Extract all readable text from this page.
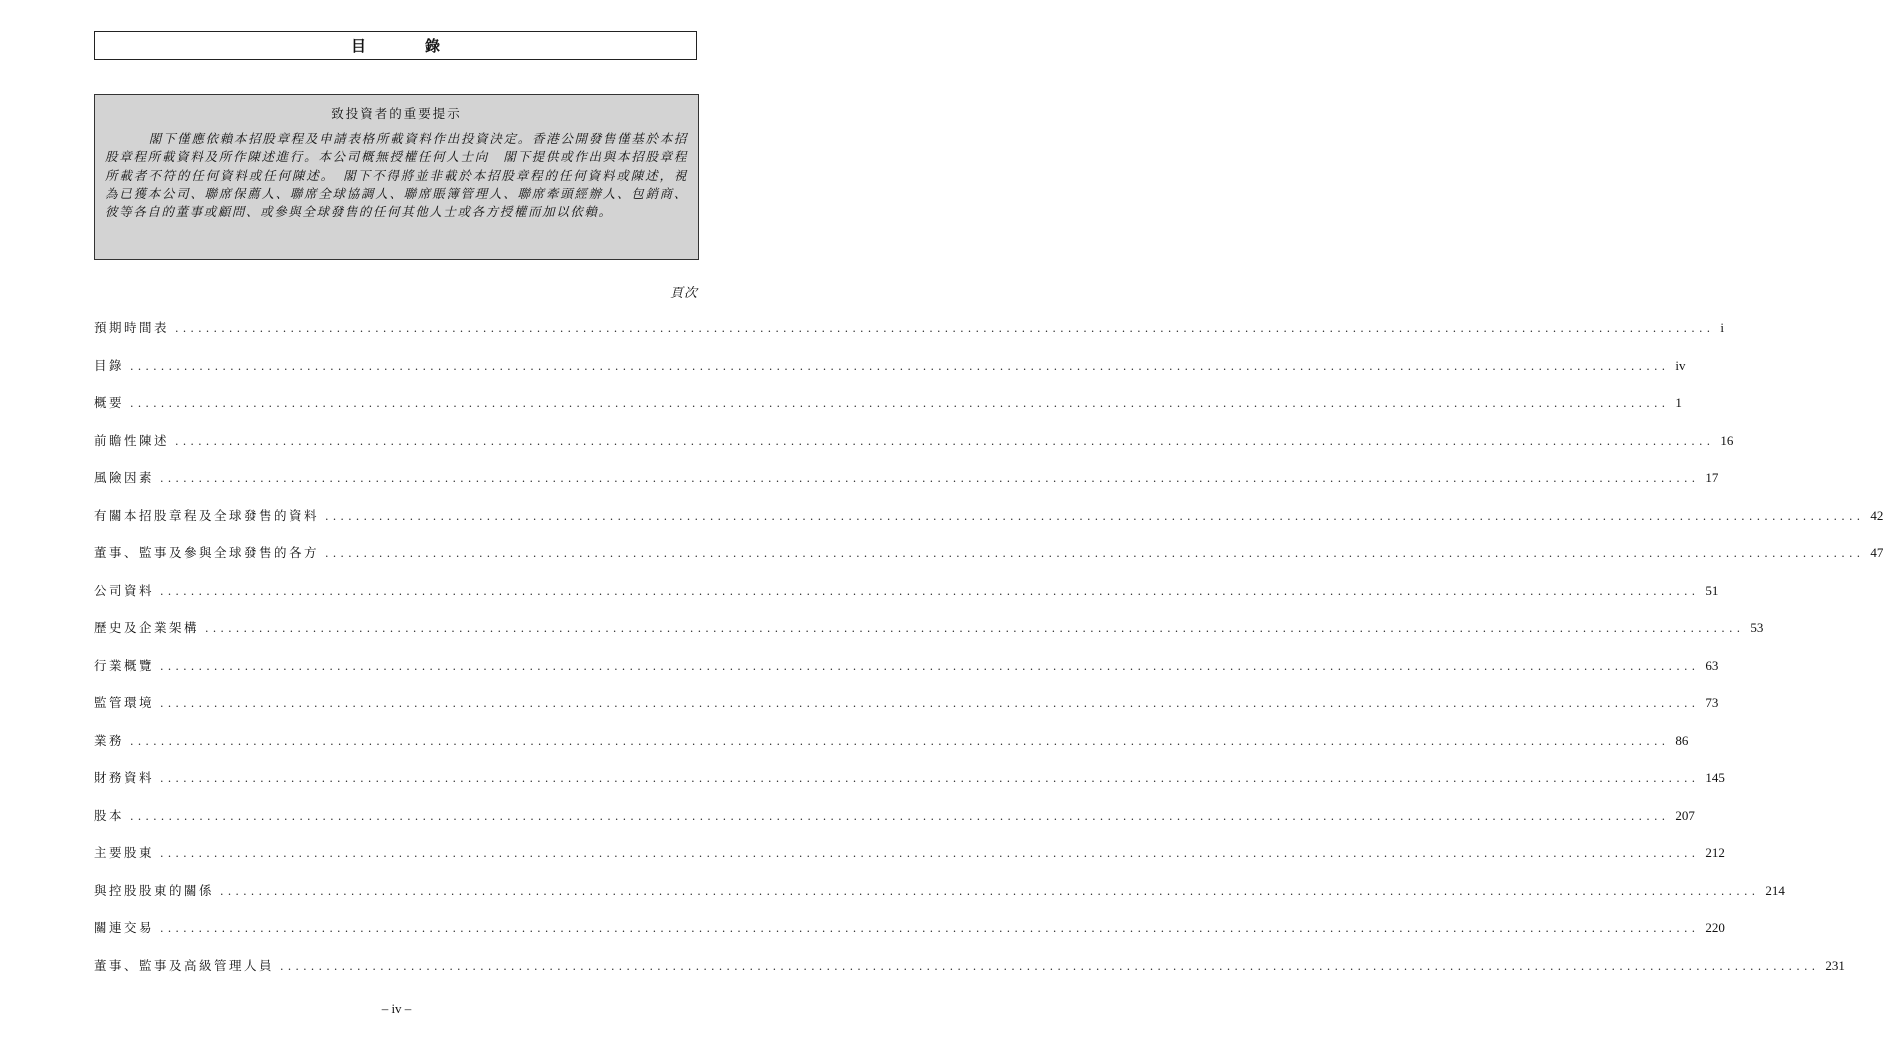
目　錄
致投資者的重要提示
閣下僅應依賴本招股章程及申請表格所載資料作出投資決定。香港公開發售僅基於本招股章程所載資料及所作陳述進行。本公司概無授權任何人士向　閣下提供或作出與本招股章程所載者不符的任何資料或任何陳述。　閣下不得將並非載於本招股章程的任何資料或陳述，視為已獲本公司、聯席保薦人、聯席全球協調人、聯席賬簿管理人、聯席牽頭經辦人、包銷商、彼等各自的董事或顧問、或參與全球發售的任何其他人士或各方授權而加以依賴。
頁次
預期時間表 ........................................................................................................................................................................................................ i
目錄 ........................................................................................................................................................................................................ iv
概要 ........................................................................................................................................................................................................ 1
前瞻性陳述 ........................................................................................................................................................................................................ 16
風險因素 ........................................................................................................................................................................................................ 17
有關本招股章程及全球發售的資料 ........................................................................................................................................................................................................ 42
董事、監事及參與全球發售的各方 ........................................................................................................................................................................................................ 47
公司資料 ........................................................................................................................................................................................................ 51
歷史及企業架構 ........................................................................................................................................................................................................ 53
行業概覽 ........................................................................................................................................................................................................ 63
監管環境 ........................................................................................................................................................................................................ 73
業務 ........................................................................................................................................................................................................ 86
財務資料 ........................................................................................................................................................................................................ 145
股本 ........................................................................................................................................................................................................ 207
主要股東 ........................................................................................................................................................................................................ 212
與控股股東的關係 ........................................................................................................................................................................................................ 214
關連交易 ........................................................................................................................................................................................................ 220
董事、監事及高級管理人員 ........................................................................................................................................................................................................ 231
– iv –
